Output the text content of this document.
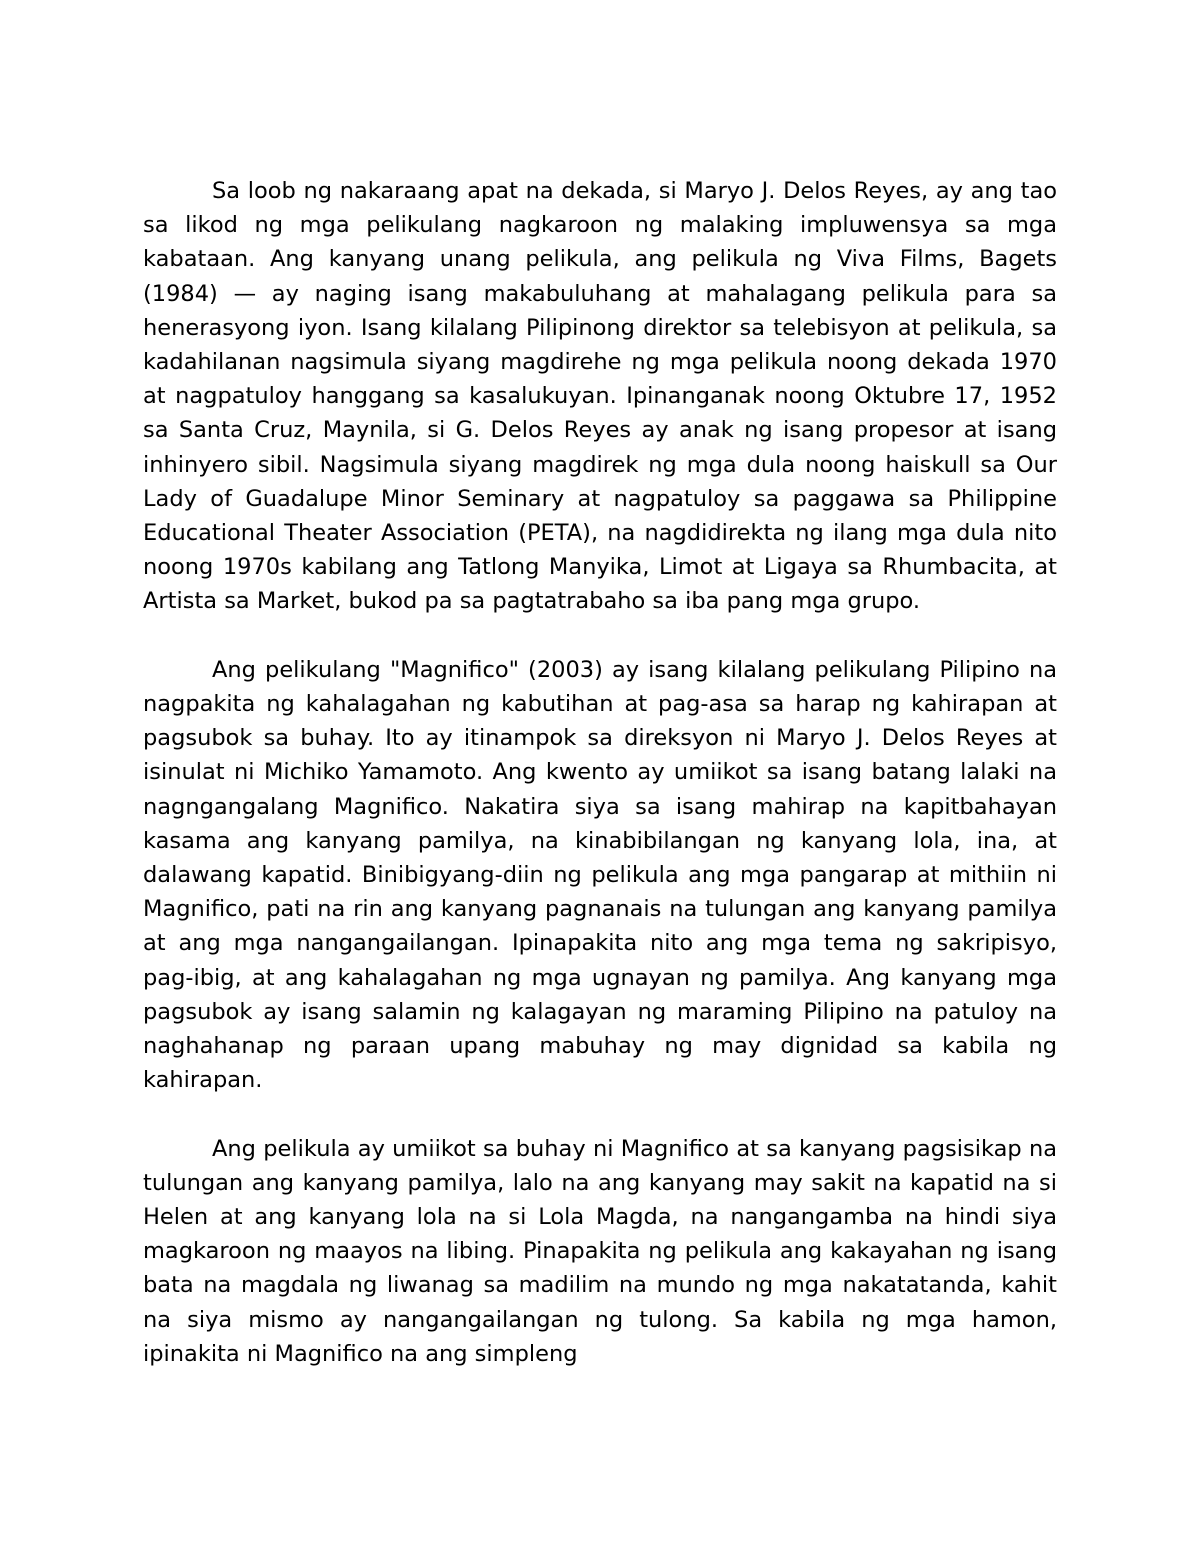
Sa loob ng nakaraang apat na dekada, si Maryo J. Delos Reyes, ay ang tao sa likod ng mga pelikulang nagkaroon ng malaking impluwensya sa mga kabataan. Ang kanyang unang pelikula, ang pelikula ng Viva Films, Bagets (1984) — ay naging isang makabuluhang at mahalagang pelikula para sa henerasyong iyon. Isang kilalang Pilipinong direktor sa telebisyon at pelikula, sa kadahilanan nagsimula siyang magdirehe ng mga pelikula noong dekada 1970 at nagpatuloy hanggang sa kasalukuyan. Ipinanganak noong Oktubre 17, 1952 sa Santa Cruz, Maynila, si G. Delos Reyes ay anak ng isang propesor at isang inhinyero sibil. Nagsimula siyang magdirek ng mga dula noong haiskull sa Our Lady of Guadalupe Minor Seminary at nagpatuloy sa paggawa sa Philippine Educational Theater Association (PETA), na nagdidirekta ng ilang mga dula nito noong 1970s kabilang ang Tatlong Manyika, Limot at Ligaya sa Rhumbacita, at Artista sa Market, bukod pa sa pagtatrabaho sa iba pang mga grupo.

Ang pelikulang "Magnifico" (2003) ay isang kilalang pelikulang Pilipino na nagpakita ng kahalagahan ng kabutihan at pag-asa sa harap ng kahirapan at pagsubok sa buhay. Ito ay itinampok sa direksyon ni Maryo J. Delos Reyes at isinulat ni Michiko Yamamoto. Ang kwento ay umiikot sa isang batang lalaki na nagngangalang Magnifico. Nakatira siya sa isang mahirap na kapitbahayan kasama ang kanyang pamilya, na kinabibilangan ng kanyang lola, ina, at dalawang kapatid. Binibigyang-diin ng pelikula ang mga pangarap at mithiin ni Magnifico, pati na rin ang kanyang pagnanais na tulungan ang kanyang pamilya at ang mga nangangailangan. Ipinapakita nito ang mga tema ng sakripisyo, pag-ibig, at ang kahalagahan ng mga ugnayan ng pamilya. Ang kanyang mga pagsubok ay isang salamin ng kalagayan ng maraming Pilipino na patuloy na naghahanap ng paraan upang mabuhay ng may dignidad sa kabila ng kahirapan.

Ang pelikula ay umiikot sa buhay ni Magnifico at sa kanyang pagsisikap na tulungan ang kanyang pamilya, lalo na ang kanyang may sakit na kapatid na si Helen at ang kanyang lola na si Lola Magda, na nangangamba na hindi siya magkaroon ng maayos na libing. Pinapakita ng pelikula ang kakayahan ng isang bata na magdala ng liwanag sa madilim na mundo ng mga nakatatanda, kahit na siya mismo ay nangangailangan ng tulong. Sa kabila ng mga hamon, ipinakita ni Magnifico na ang simpleng
